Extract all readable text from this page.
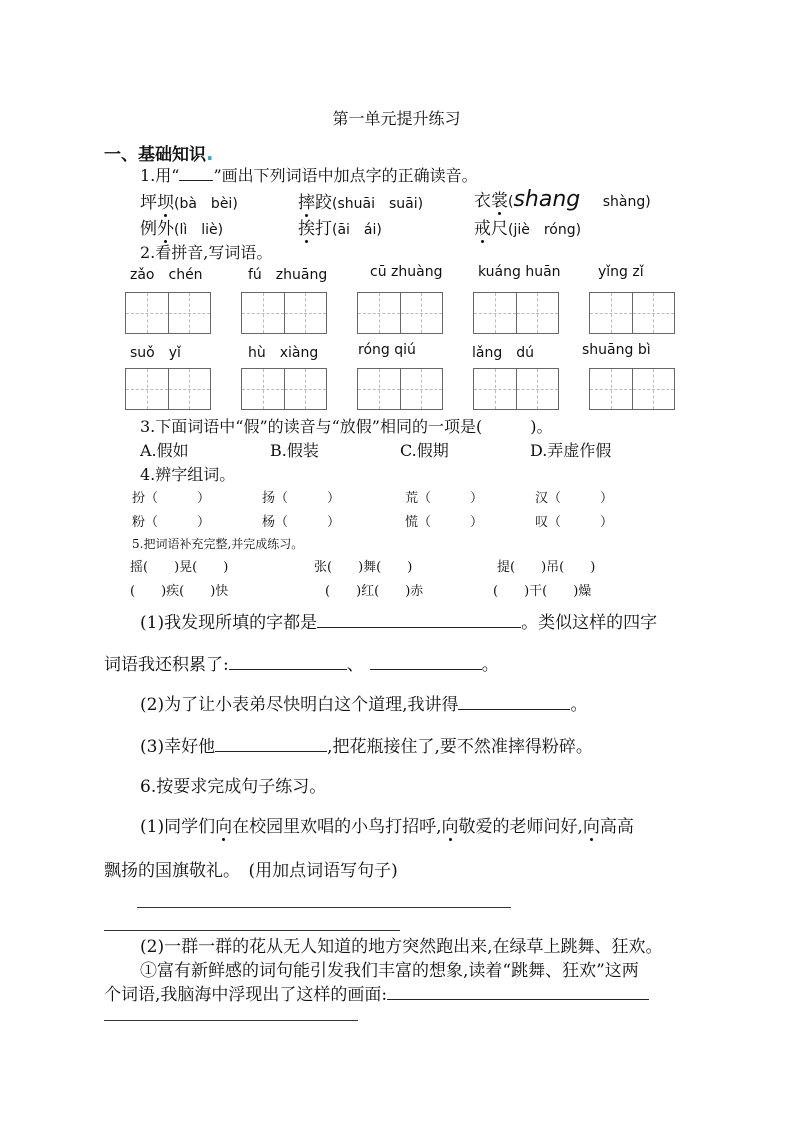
第一单元提升练习
一、基础知识.
1.用“ ”画出下列词语中加点字的正确读音。
坪坝(bà　bèi)	摔跤(shuāi　suāi)	衣裳(shang shàng)
例外(lì　liè)	挨打(āi　ái)	戒尺(jiè　róng)
2.看拼音,写词语。
zǎo　chén	fú　zhuāng	cū zhuàng	kuáng huān	yǐng zǐ
suǒ　yǐ	hù　xiàng	róng qiú	lǎng　dú	shuāng bì
3.下面词语中“假”的读音与“放假”相同的一项是(　　　)。
A.假如	B.假装	C.假期	D.弄虚作假
4.辨字组词。
扮（　　　）	扬（　　　）	荒（　　　）	汉（　　　）
粉（　　　）	杨（　　　）	慌（　　　）	叹（　　　）
5.把词语补充完整,并完成练习。
摇(　　)晃(　　)	张(　　)舞(　　)	提(　　)吊(　　)
(　　)疾(　　)快	(　　)红(　　)赤	(　　)干(　　)燥
(1)我发现所填的字都是	。类似这样的四字
词语我还积累了:	、	。
(2)为了让小表弟尽快明白这个道理,我讲得	。
(3)幸好他	,把花瓶接住了,要不然准摔得粉碎。
6.按要求完成句子练习。
(1)同学们向在校园里欢唱的小鸟打招呼,向敬爱的老师问好,向高高
飘扬的国旗敬礼。　(用加点词语写句子)
(2)一群一群的花从无人知道的地方突然跑出来,在绿草上跳舞、狂欢。
①富有新鲜感的词句能引发我们丰富的想象,读着“跳舞、狂欢”这两
个词语,我脑海中浮现出了这样的画面:
